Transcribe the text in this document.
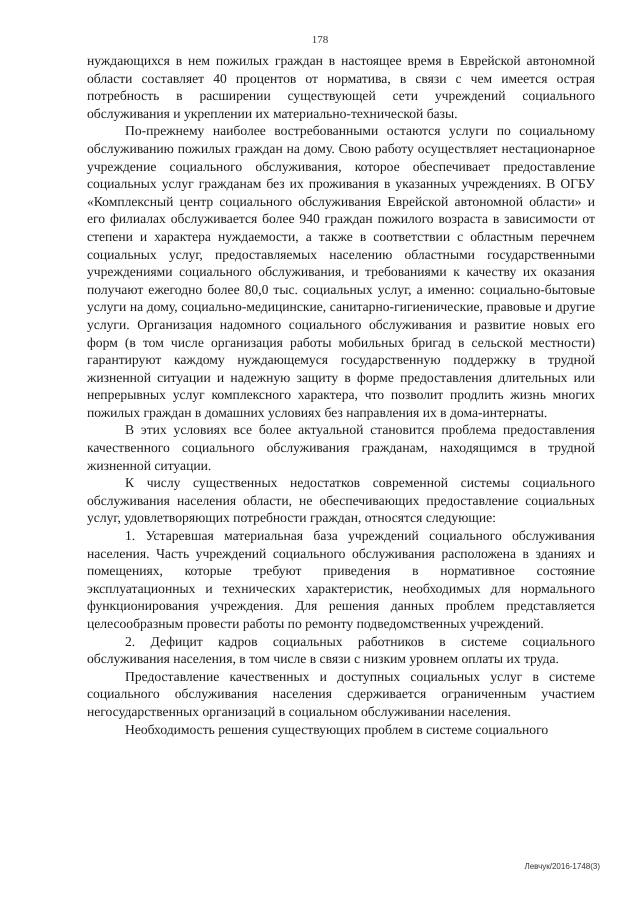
178

нуждающихся в нем пожилых граждан в настоящее время в Еврейской автономной области составляет 40 процентов от норматива, в связи с чем имеется острая потребность в расширении существующей сети учреждений социального обслуживания и укреплении их материально-технической базы.

По-прежнему наиболее востребованными остаются услуги по социальному обслуживанию пожилых граждан на дому. Свою работу осуществляет нестационарное учреждение социального обслуживания, которое обеспечивает предоставление социальных услуг гражданам без их проживания в указанных учреждениях. В ОГБУ «Комплексный центр социального обслуживания Еврейской автономной области» и его филиалах обслуживается более 940 граждан пожилого возраста в зависимости от степени и характера нуждаемости, а также в соответствии с областным перечнем социальных услуг, предоставляемых населению областными государственными учреждениями социального обслуживания, и требованиями к качеству их оказания получают ежегодно более 80,0 тыс. социальных услуг, а именно: социально-бытовые услуги на дому, социально-медицинские, санитарно-гигиенические, правовые и другие услуги. Организация надомного социального обслуживания и развитие новых его форм (в том числе организация работы мобильных бригад в сельской местности) гарантируют каждому нуждающемуся государственную поддержку в трудной жизненной ситуации и надежную защиту в форме предоставления длительных или непрерывных услуг комплексного характера, что позволит продлить жизнь многих пожилых граждан в домашних условиях без направления их в дома-интернаты.

В этих условиях все более актуальной становится проблема предоставления качественного социального обслуживания гражданам, находящимся в трудной жизненной ситуации.

К числу существенных недостатков современной системы социального обслуживания населения области, не обеспечивающих предоставление социальных услуг, удовлетворяющих потребности граждан, относятся следующие:

1. Устаревшая материальная база учреждений социального обслуживания населения. Часть учреждений социального обслуживания расположена в зданиях и помещениях, которые требуют приведения в нормативное состояние эксплуатационных и технических характеристик, необходимых для нормального функционирования учреждения. Для решения данных проблем представляется целесообразным провести работы по ремонту подведомственных учреждений.

2. Дефицит кадров социальных работников в системе социального обслуживания населения, в том числе в связи с низким уровнем оплаты их труда.

Предоставление качественных и доступных социальных услуг в системе социального обслуживания населения сдерживается ограниченным участием негосударственных организаций в социальном обслуживании населения.

Необходимость решения существующих проблем в системе социального

Левчук/2016-1748(3)
